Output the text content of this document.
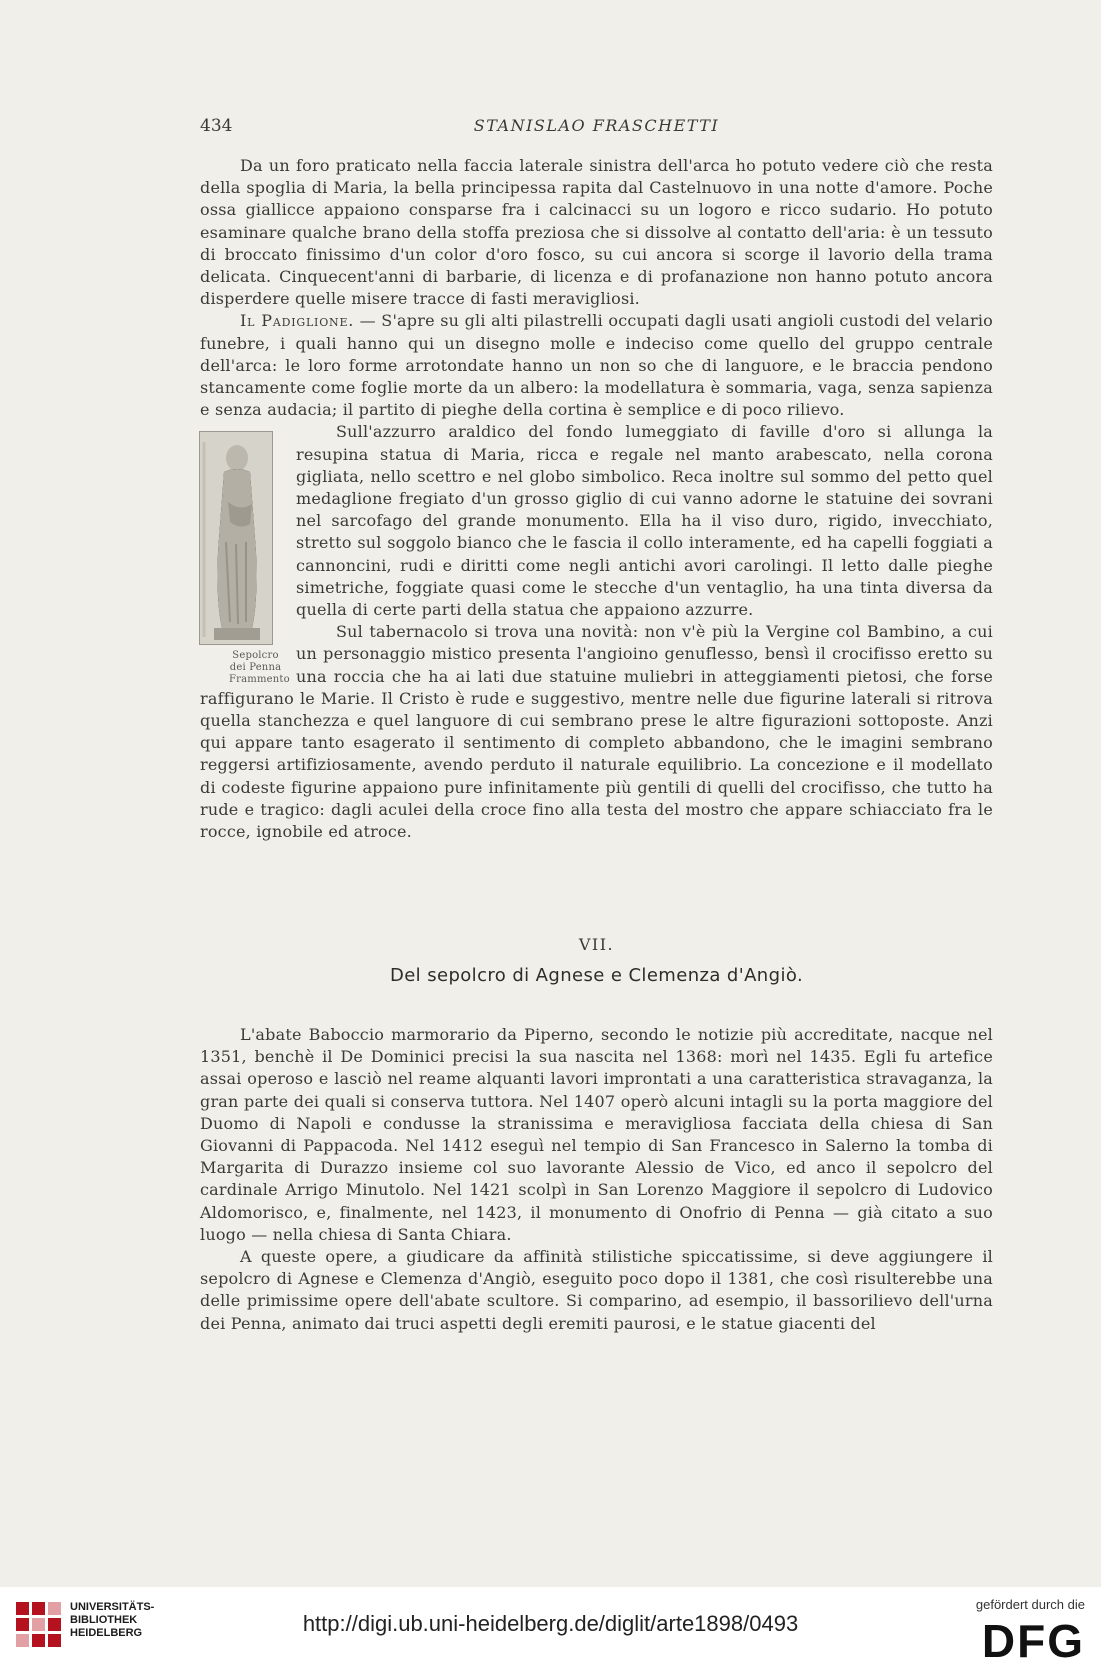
434	STANISLAO FRASCHETTI

Da un foro praticato nella faccia laterale sinistra dell'arca ho potuto vedere ciò che resta della spoglia di Maria, la bella principessa rapita dal Castelnuovo in una notte d'amore. Poche ossa giallicce appaiono consparse fra i calcinacci su un logoro e ricco sudario. Ho potuto esaminare qualche brano della stoffa preziosa che si dissolve al contatto dell'aria: è un tessuto di broccato finissimo d'un color d'oro fosco, su cui ancora si scorge il lavorio della trama delicata. Cinquecent'anni di barbarie, di licenza e di profanazione non hanno potuto ancora disperdere quelle misere tracce di fasti meravigliosi.

Il Padiglione. — S'apre su gli alti pilastrelli occupati dagli usati angioli custodi del velario funebre, i quali hanno qui un disegno molle e indeciso come quello del gruppo centrale dell'arca: le loro forme arrotondate hanno un non so che di languore, e le braccia pendono stancamente come foglie morte da un albero: la modellatura è sommaria, vaga, senza sapienza e senza audacia; il partito di pieghe della cortina è semplice e di poco rilievo.

Sepolcro
dei Penna
Frammento
Sull'azzurro araldico del fondo lumeggiato di faville d'oro si allunga la resupina statua di Maria, ricca e regale nel manto arabescato, nella corona gigliata, nello scettro e nel globo simbolico. Reca inoltre sul sommo del petto quel medaglione fregiato d'un grosso giglio di cui vanno adorne le statuine dei sovrani nel sarcofago del grande monumento. Ella ha il viso duro, rigido, invecchiato, stretto sul soggolo bianco che le fascia il collo interamente, ed ha capelli foggiati a cannoncini, rudi e diritti come negli antichi avori carolingi. Il letto dalle pieghe simetriche, foggiate quasi come le stecche d'un ventaglio, ha una tinta diversa da quella di certe parti della statua che appaiono azzurre.

Sul tabernacolo si trova una novità: non v'è più la Vergine col Bambino, a cui un personaggio mistico presenta l'angioino genuflesso, bensì il crocifisso eretto su una roccia che ha ai lati due statuine muliebri in atteggiamenti pietosi, che forse raffigurano le Marie. Il Cristo è rude e suggestivo, mentre nelle due figurine laterali si ritrova quella stanchezza e quel languore di cui sembrano prese le altre figurazioni sottoposte. Anzi qui appare tanto esagerato il sentimento di completo abbandono, che le imagini sembrano reggersi artifiziosamente, avendo perduto il naturale equilibrio. La concezione e il modellato di codeste figurine appaiono pure infinitamente più gentili di quelli del crocifisso, che tutto ha rude e tragico: dagli aculei della croce fino alla testa del mostro che appare schiacciato fra le rocce, ignobile ed atroce.

VII.
Del sepolcro di Agnese e Clemenza d'Angiò.

L'abate Baboccio marmorario da Piperno, secondo le notizie più accreditate, nacque nel 1351, benchè il De Dominici precisi la sua nascita nel 1368: morì nel 1435. Egli fu artefice assai operoso e lasciò nel reame alquanti lavori improntati a una caratteristica stravaganza, la gran parte dei quali si conserva tuttora. Nel 1407 operò alcuni intagli su la porta maggiore del Duomo di Napoli e condusse la stranissima e meravigliosa facciata della chiesa di San Giovanni di Pappacoda. Nel 1412 eseguì nel tempio di San Francesco in Salerno la tomba di Margarita di Durazzo insieme col suo lavorante Alessio de Vico, ed anco il sepolcro del cardinale Arrigo Minutolo. Nel 1421 scolpì in San Lorenzo Maggiore il sepolcro di Ludovico Aldomorisco, e, finalmente, nel 1423, il monumento di Onofrio di Penna — già citato a suo luogo — nella chiesa di Santa Chiara.

A queste opere, a giudicare da affinità stilistiche spiccatissime, si deve aggiungere il sepolcro di Agnese e Clemenza d'Angiò, eseguito poco dopo il 1381, che così risulterebbe una delle primissime opere dell'abate scultore. Si comparino, ad esempio, il bassorilievo dell'urna dei Penna, animato dai truci aspetti degli eremiti paurosi, e le statue giacenti del

UNIVERSITÄTS-
BIBLIOTHEK
HEIDELBERG	http://digi.ub.uni-heidelberg.de/diglit/arte1898/0493
gefördert durch die
DFG
